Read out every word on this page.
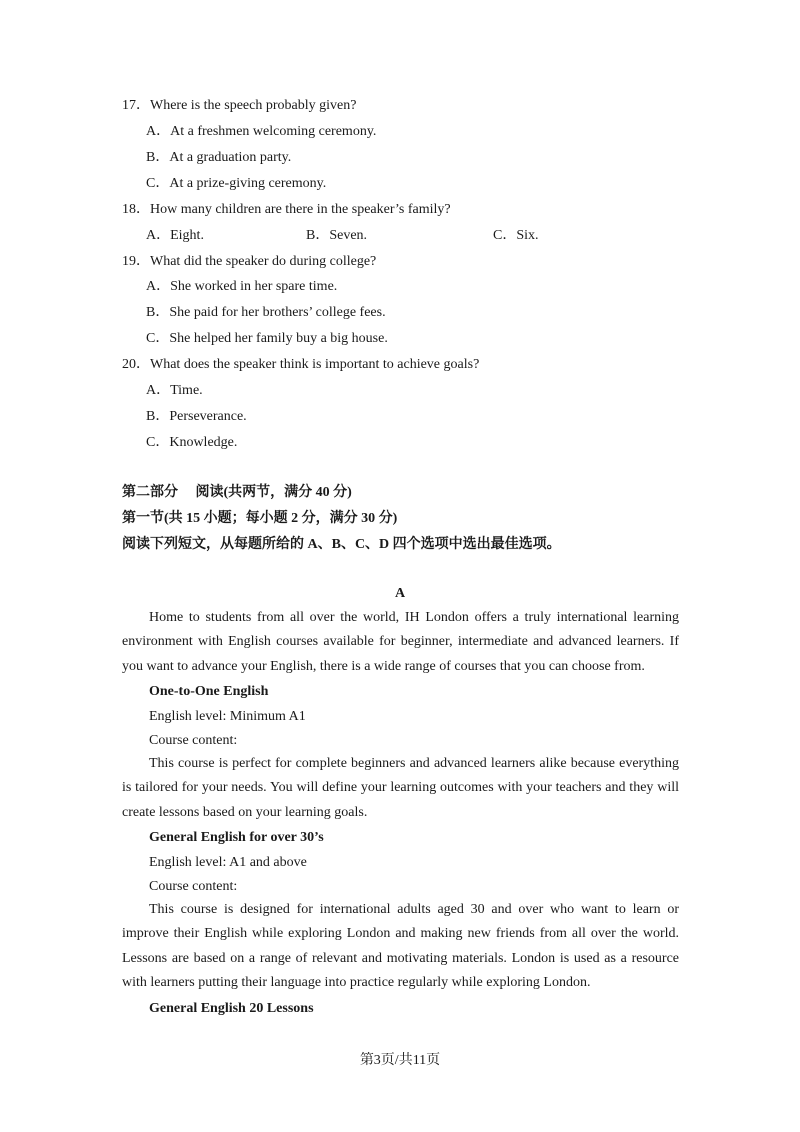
17．Where is the speech probably given?
A．At a freshmen welcoming ceremony.
B．At a graduation party.
C．At a prize-giving ceremony.
18．How many children are there in the speaker’s family?
A．Eight.	B．Seven.	C．Six.
19．What did the speaker do during college?
A．She worked in her spare time.
B．She paid for her brothers’ college fees.
C．She helped her family buy a big house.
20．What does the speaker think is important to achieve goals?
A．Time.
B．Perseverance.
C．Knowledge.
第二部分　 阅读(共两节，满分 40 分)
第一节(共 15 小题；每小题 2 分，满分 30 分)
阅读下列短文，从每题所给的 A、B、C、D 四个选项中选出最佳选项。
A
Home to students from all over the world, IH London offers a truly international learning environment with English courses available for beginner, intermediate and advanced learners. If you want to advance your English, there is a wide range of courses that you can choose from.
One-to-One English
English level: Minimum A1
Course content:
This course is perfect for complete beginners and advanced learners alike because everything is tailored for your needs. You will define your learning outcomes with your teachers and they will create lessons based on your learning goals.
General English for over 30’s
English level: A1 and above
Course content:
This course is designed for international adults aged 30 and over who want to learn or improve their English while exploring London and making new friends from all over the world. Lessons are based on a range of relevant and motivating materials. London is used as a resource with learners putting their language into practice regularly while exploring London.
General English 20 Lessons
第3页/共11页
